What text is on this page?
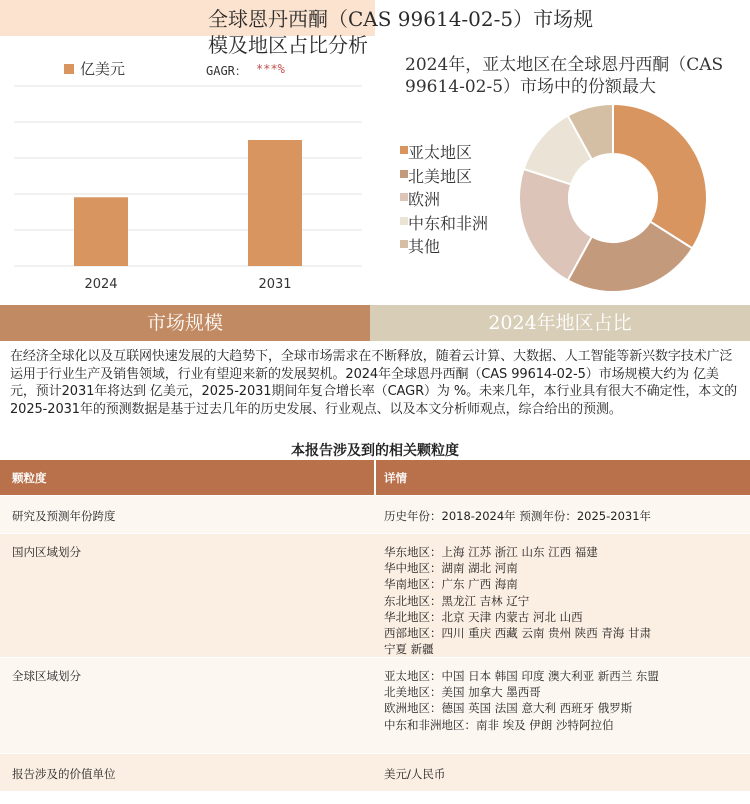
全球恩丹西酮（CAS 99614-02-5）市场规
模及地区占比分析
亿美元	GAGR： ***%
2024	2031
2024年，亚太地区在全球恩丹西酮（CAS 99614-02-5）市场中的份额最大
亚太地区
北美地区
欧洲
中东和非洲
其他
市场规模	2024年地区占比
在经济全球化以及互联网快速发展的大趋势下，全球市场需求在不断释放，随着云计算、大数据、人工智能等新兴数字技术广泛运用于行业生产及销售领域，行业有望迎来新的发展契机。2024年全球恩丹西酮（CAS 99614-02-5）市场规模大约为 亿美元，预计2031年将达到 亿美元，2025-2031期间年复合增长率（CAGR）为 %。未来几年，本行业具有很大不确定性，本文的2025-2031年的预测数据是基于过去几年的历史发展、行业观点、以及本文分析师观点，综合给出的预测。
本报告涉及到的相关颗粒度
颗粒度	详情
研究及预测年份跨度	历史年份：2018-2024年 预测年份：2025-2031年
国内区域划分	华东地区：上海 江苏 浙江 山东 江西 福建
华中地区：湖南 湖北 河南
华南地区：广东 广西 海南
东北地区：黑龙江 吉林 辽宁
华北地区：北京 天津 内蒙古 河北 山西
西部地区：四川 重庆 西藏 云南 贵州 陕西 青海 甘肃
宁夏 新疆
全球区域划分	亚太地区：中国 日本 韩国 印度 澳大利亚 新西兰 东盟
北美地区：美国 加拿大 墨西哥
欧洲地区：德国 英国 法国 意大利 西班牙 俄罗斯
中东和非洲地区：南非 埃及 伊朗 沙特阿拉伯
报告涉及的价值单位	美元/人民币
